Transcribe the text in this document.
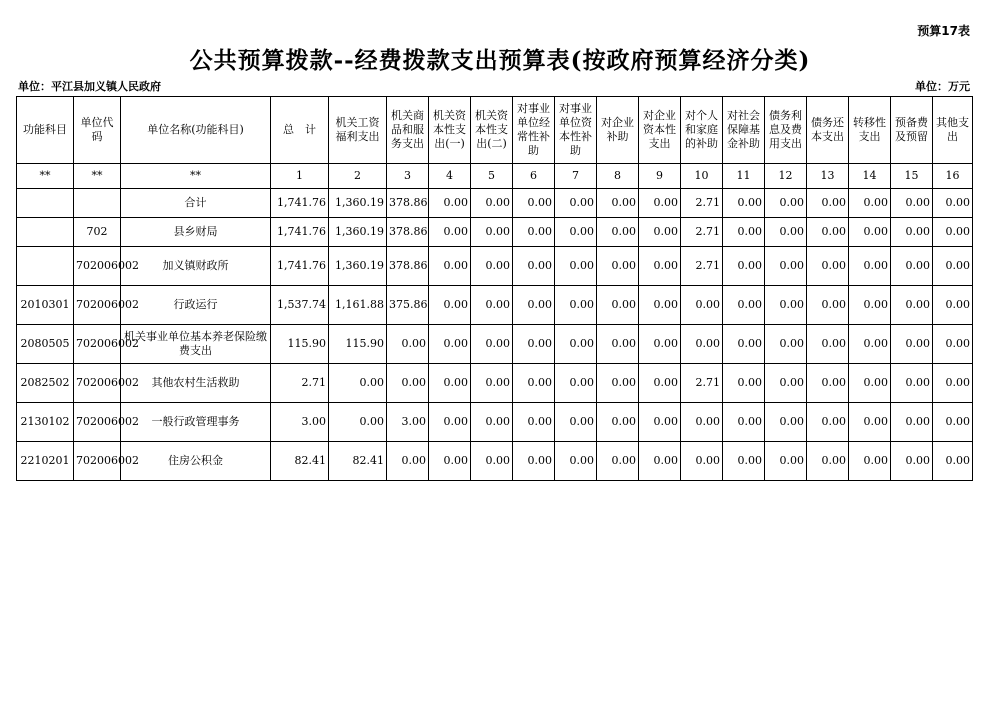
预算17表
公共预算拨款--经费拨款支出预算表(按政府预算经济分类)
单位：平江县加义镇人民政府	单位：万元
功能科目	单位代码	单位名称(功能科目)	总　计	机关工资福利支出	机关商品和服务支出	机关资本性支出(一)	机关资本性支出(二)	对事业单位经常性补助	对事业单位资本性补助	对企业补助	对企业资本性支出	对个人和家庭的补助	对社会保障基金补助	债务利息及费用支出	债务还本支出	转移性支出	预备费及预留	其他支出
**	**	**	1	2	3	4	5	6	7	8	9	10	11	12	13	14	15	16
		合计	1,741.76	1,360.19	378.86	0.00	0.00	0.00	0.00	0.00	0.00	2.71	0.00	0.00	0.00	0.00	0.00	0.00
	702	县乡财局	1,741.76	1,360.19	378.86	0.00	0.00	0.00	0.00	0.00	0.00	2.71	0.00	0.00	0.00	0.00	0.00	0.00
	702006002	加义镇财政所	1,741.76	1,360.19	378.86	0.00	0.00	0.00	0.00	0.00	0.00	2.71	0.00	0.00	0.00	0.00	0.00	0.00
2010301	702006002	行政运行	1,537.74	1,161.88	375.86	0.00	0.00	0.00	0.00	0.00	0.00	0.00	0.00	0.00	0.00	0.00	0.00	0.00
2080505	702006002	机关事业单位基本养老保险缴费支出	115.90	115.90	0.00	0.00	0.00	0.00	0.00	0.00	0.00	0.00	0.00	0.00	0.00	0.00	0.00	0.00
2082502	702006002	其他农村生活救助	2.71	0.00	0.00	0.00	0.00	0.00	0.00	0.00	0.00	2.71	0.00	0.00	0.00	0.00	0.00	0.00
2130102	702006002	一般行政管理事务	3.00	0.00	3.00	0.00	0.00	0.00	0.00	0.00	0.00	0.00	0.00	0.00	0.00	0.00	0.00	0.00
2210201	702006002	住房公积金	82.41	82.41	0.00	0.00	0.00	0.00	0.00	0.00	0.00	0.00	0.00	0.00	0.00	0.00	0.00	0.00
